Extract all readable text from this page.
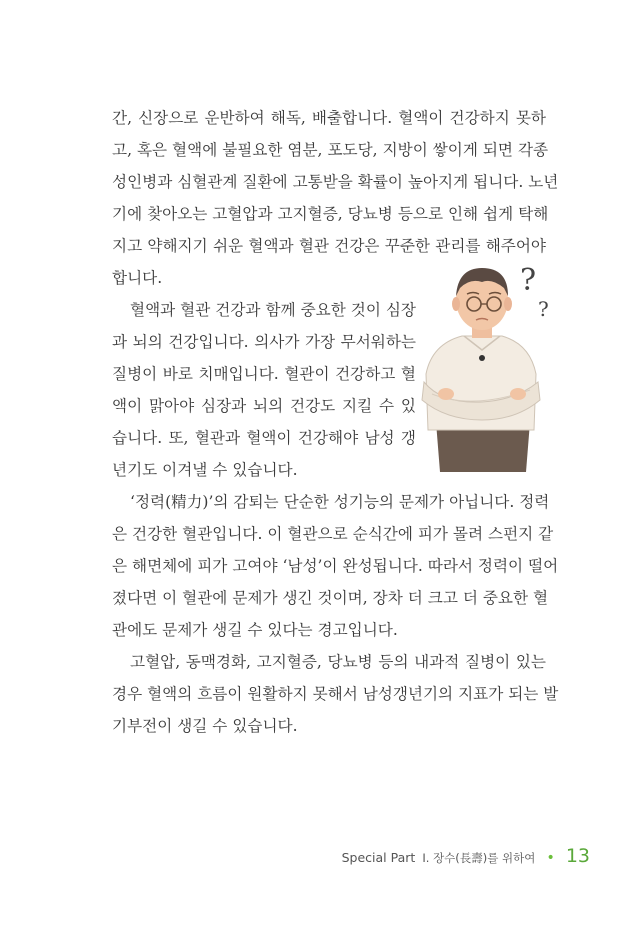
간, 신장으로 운반하여 해독, 배출합니다. 혈액이 건강하지 못하
고, 혹은 혈액에 불필요한 염분, 포도당, 지방이 쌓이게 되면 각종
성인병과 심혈관계 질환에 고통받을 확률이 높아지게 됩니다. 노년
기에 찾아오는 고혈압과 고지혈증, 당뇨병 등으로 인해 쉽게 탁해
지고 약해지기 쉬운 혈액과 혈관 건강은 꾸준한 관리를 해주어야
합니다.
혈액과 혈관 건강과 함께 중요한 것이 심장
과 뇌의 건강입니다. 의사가 가장 무서워하는
질병이 바로 치매입니다. 혈관이 건강하고 혈
액이 맑아야 심장과 뇌의 건강도 지킬 수 있
습니다. 또, 혈관과 혈액이 건강해야 남성 갱
년기도 이겨낼 수 있습니다.
‘정력(精力)’의 감퇴는 단순한 성기능의 문제가 아닙니다. 정력
은 건강한 혈관입니다. 이 혈관으로 순식간에 피가 몰려 스펀지 같
은 해면체에 피가 고여야 ‘남성’이 완성됩니다. 따라서 정력이 떨어
졌다면 이 혈관에 문제가 생긴 것이며, 장차 더 크고 더 중요한 혈
관에도 문제가 생길 수 있다는 경고입니다.
고혈압, 동맥경화, 고지혈증, 당뇨병 등의 내과적 질병이 있는
경우 혈액의 흐름이 원활하지 못해서 남성갱년기의 지표가 되는 발
기부전이 생길 수 있습니다.
?
?
Special Part Ⅰ. 장수(長壽)를 위하여 • 13
